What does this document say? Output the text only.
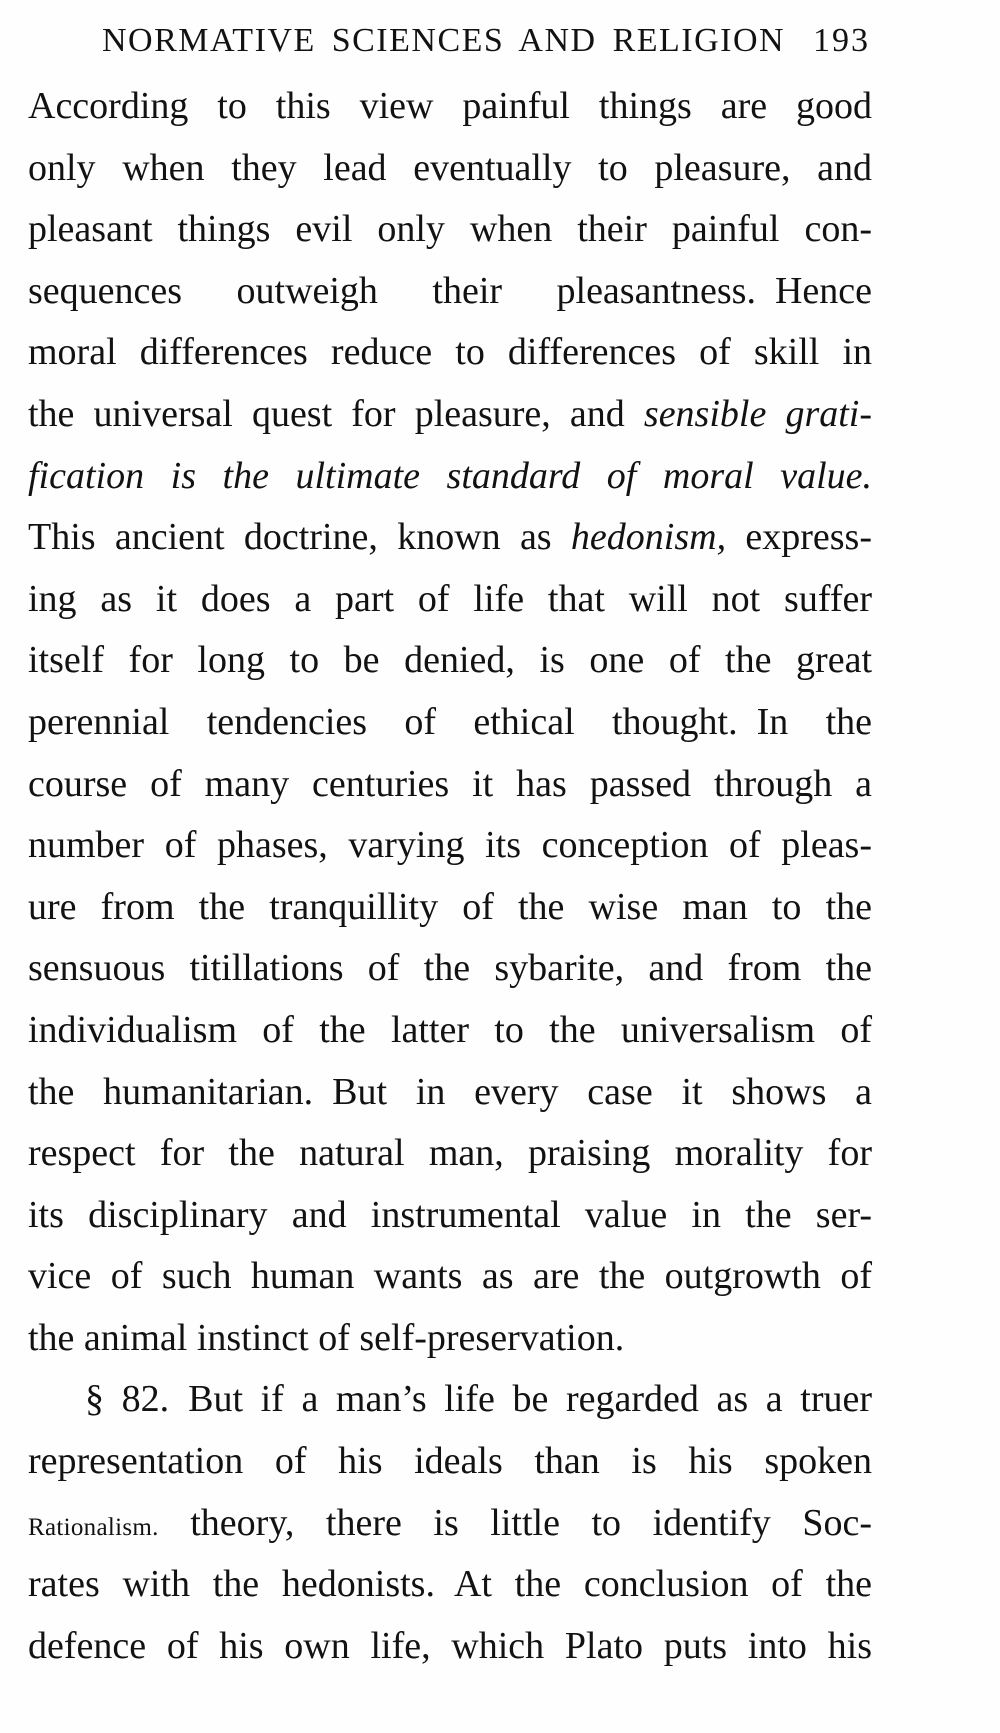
NORMATIVE SCIENCES AND RELIGION 193
According to this view painful things are good
only when they lead eventually to pleasure, and
pleasant things evil only when their painful con-
sequences outweigh their pleasantness. Hence
moral differences reduce to differences of skill in
the universal quest for pleasure, and sensible grati-
fication is the ultimate standard of moral value.
This ancient doctrine, known as hedonism, express-
ing as it does a part of life that will not suffer
itself for long to be denied, is one of the great
perennial tendencies of ethical thought. In the
course of many centuries it has passed through a
number of phases, varying its conception of pleas-
ure from the tranquillity of the wise man to the
sensuous titillations of the sybarite, and from the
individualism of the latter to the universalism of
the humanitarian. But in every case it shows a
respect for the natural man, praising morality for
its disciplinary and instrumental value in the ser-
vice of such human wants as are the outgrowth of
the animal instinct of self-preservation.
§ 82. But if a man’s life be regarded as a truer
representation of his ideals than is his spoken
Rationalism. theory, there is little to identify Soc-
rates with the hedonists. At the conclusion of the
defence of his own life, which Plato puts into his
